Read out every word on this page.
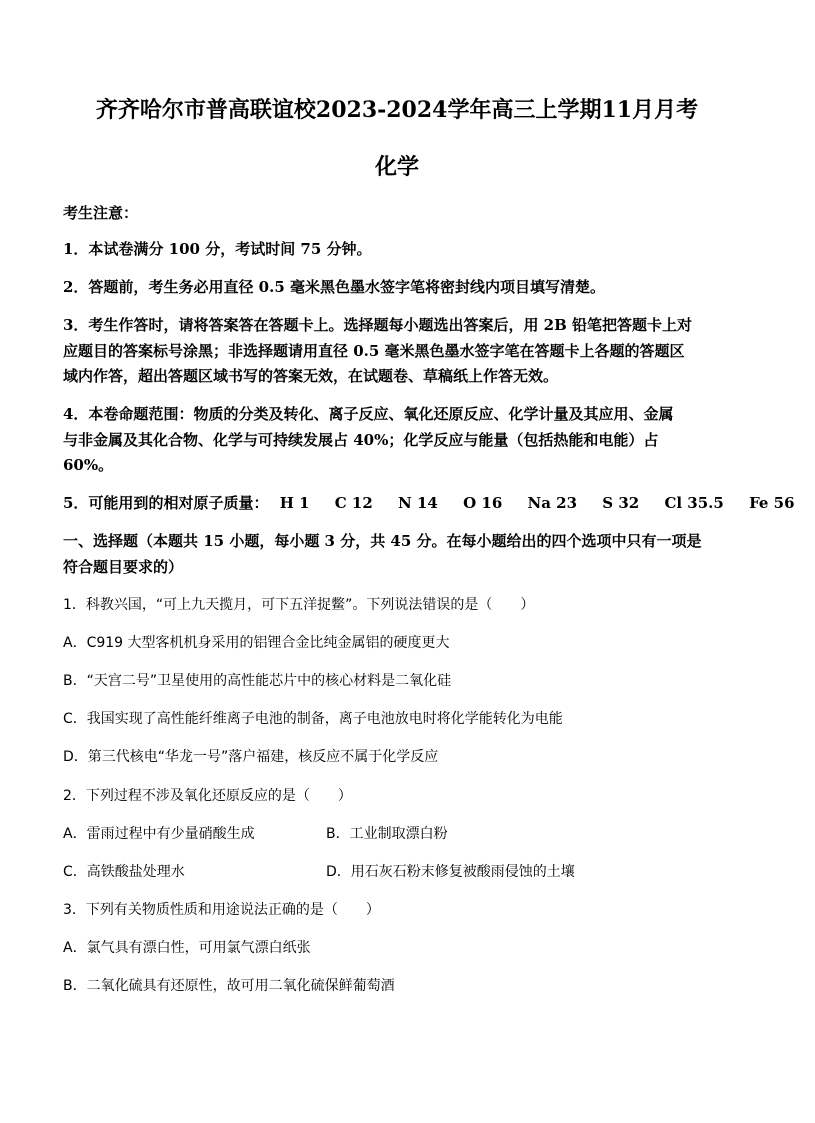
齐齐哈尔市普高联谊校2023-2024学年高三上学期11月月考
化学
考生注意：
1．本试卷满分 100 分，考试时间 75 分钟。
2．答题前，考生务必用直径 0.5 毫米黑色墨水签字笔将密封线内项目填写清楚。
3．考生作答时，请将答案答在答题卡上。选择题每小题选出答案后，用 2B 铅笔把答题卡上对
应题目的答案标号涂黑；非选择题请用直径 0.5 毫米黑色墨水签字笔在答题卡上各题的答题区
域内作答，超出答题区域书写的答案无效，在试题卷、草稿纸上作答无效。
4．本卷命题范围：物质的分类及转化、离子反应、氧化还原反应、化学计量及其应用、金属
与非金属及其化合物、化学与可持续发展占 40%；化学反应与能量（包括热能和电能）占
60%。
5．可能用到的相对原子质量： H 1 C 12 N 14 O 16 Na 23 S 32 Cl 35.5 Fe 56
一、选择题（本题共 15 小题，每小题 3 分，共 45 分。在每小题给出的四个选项中只有一项是
符合题目要求的）
1．科教兴国，“可上九天揽月，可下五洋捉鳖”。下列说法错误的是（　　）
A．C919 大型客机机身采用的铝锂合金比纯金属铝的硬度更大
B．“天宫二号”卫星使用的高性能芯片中的核心材料是二氧化硅
C．我国实现了高性能纤维离子电池的制备，离子电池放电时将化学能转化为电能
D．第三代核电“华龙一号”落户福建，核反应不属于化学反应
2．下列过程不涉及氧化还原反应的是（　　）
A．雷雨过程中有少量硝酸生成	B．工业制取漂白粉
C．高铁酸盐处理水	D．用石灰石粉末修复被酸雨侵蚀的土壤
3．下列有关物质性质和用途说法正确的是（　　）
A．氯气具有漂白性，可用氯气漂白纸张
B．二氧化硫具有还原性，故可用二氧化硫保鲜葡萄酒
